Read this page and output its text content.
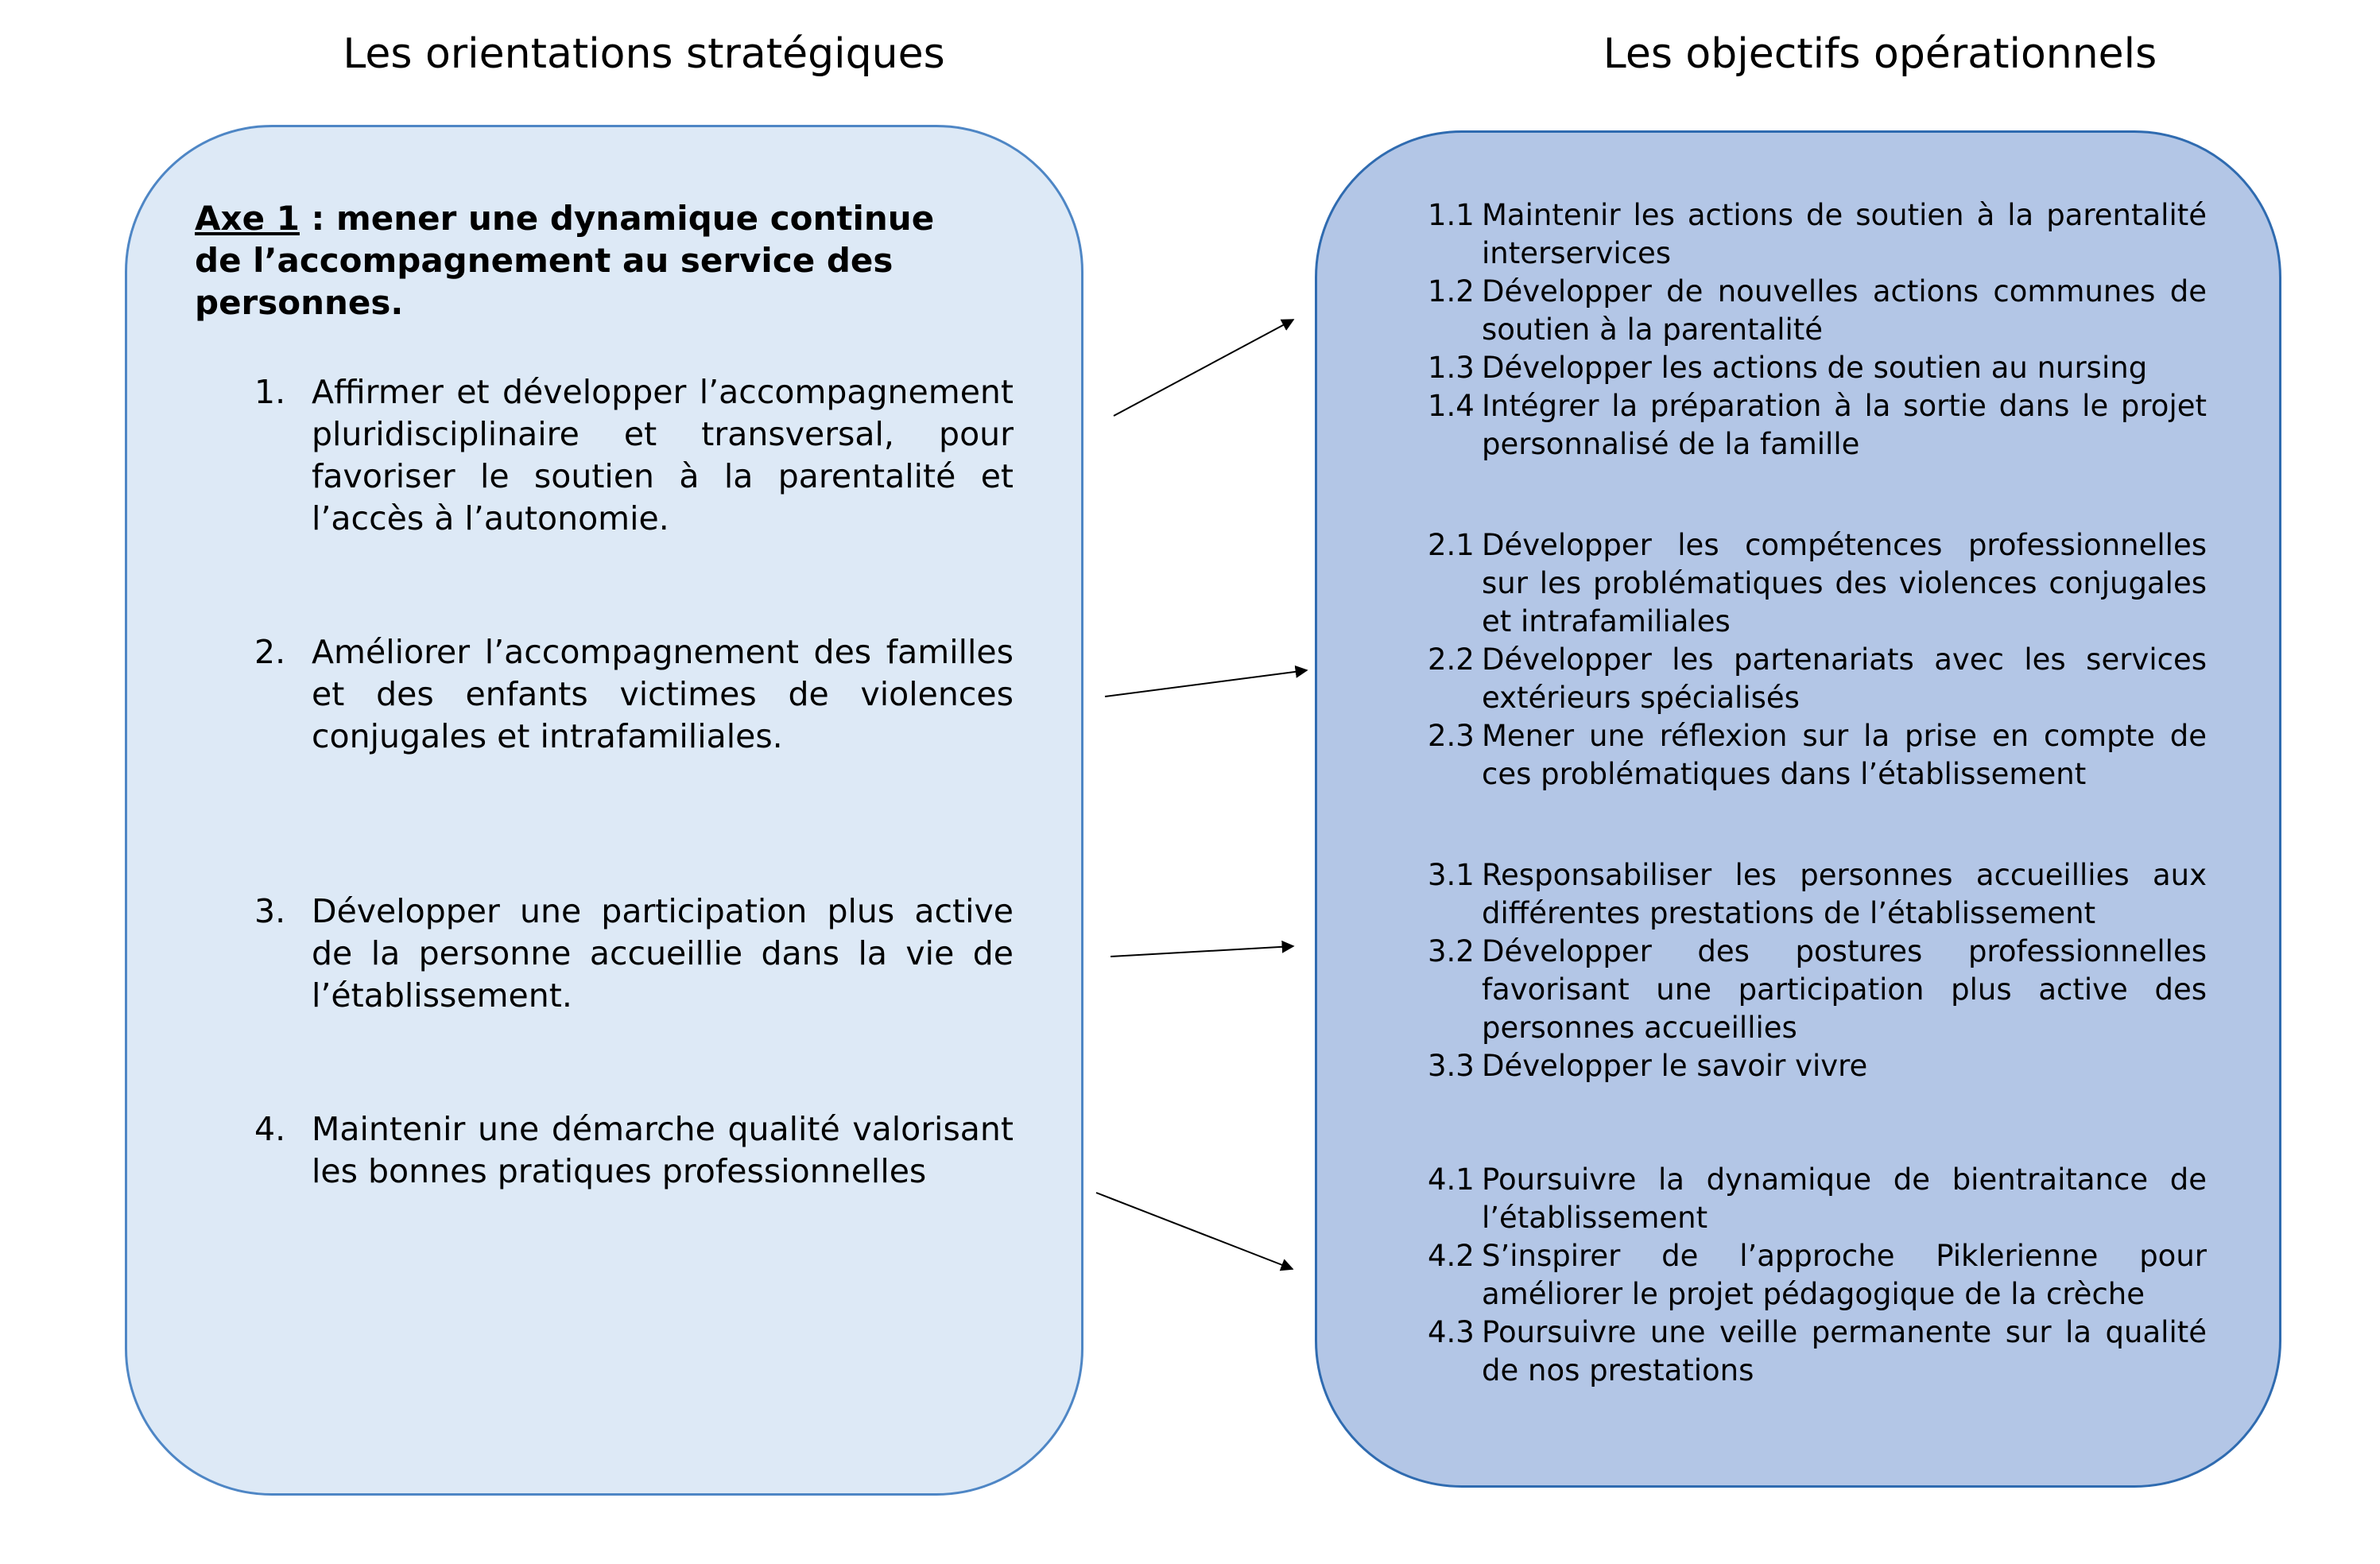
Les orientations stratégiques	Les objectifs opérationnels
Axe 1 : mener une dynamique continue de l’accompagnement au service des personnes.
1. Affirmer et développer l’accompagnement pluridisciplinaire et transversal, pour favoriser le soutien à la parentalité et l’accès à l’autonomie.
2. Améliorer l’accompagnement des familles et des enfants victimes de violences conjugales et intrafamiliales.
3. Développer une participation plus active de la personne accueillie dans la vie de l’établissement.
4. Maintenir une démarche qualité valorisant les bonnes pratiques professionnelles
1.1 Maintenir les actions de soutien à la parentalité interservices
1.2 Développer de nouvelles actions communes de soutien à la parentalité
1.3 Développer les actions de soutien au nursing
1.4 Intégrer la préparation à la sortie dans le projet personnalisé de la famille
2.1 Développer les compétences professionnelles sur les problématiques des violences conjugales et intrafamiliales
2.2 Développer les partenariats avec les services extérieurs spécialisés
2.3 Mener une réflexion sur la prise en compte de ces problématiques dans l’établissement
3.1 Responsabiliser les personnes accueillies aux différentes prestations de l’établissement
3.2 Développer des postures professionnelles favorisant une participation plus active des personnes accueillies
3.3 Développer le savoir vivre
4.1 Poursuivre la dynamique de bientraitance de l’établissement
4.2 S’inspirer de l’approche Piklerienne pour améliorer le projet pédagogique de la crèche
4.3 Poursuivre une veille permanente sur la qualité de nos prestations
